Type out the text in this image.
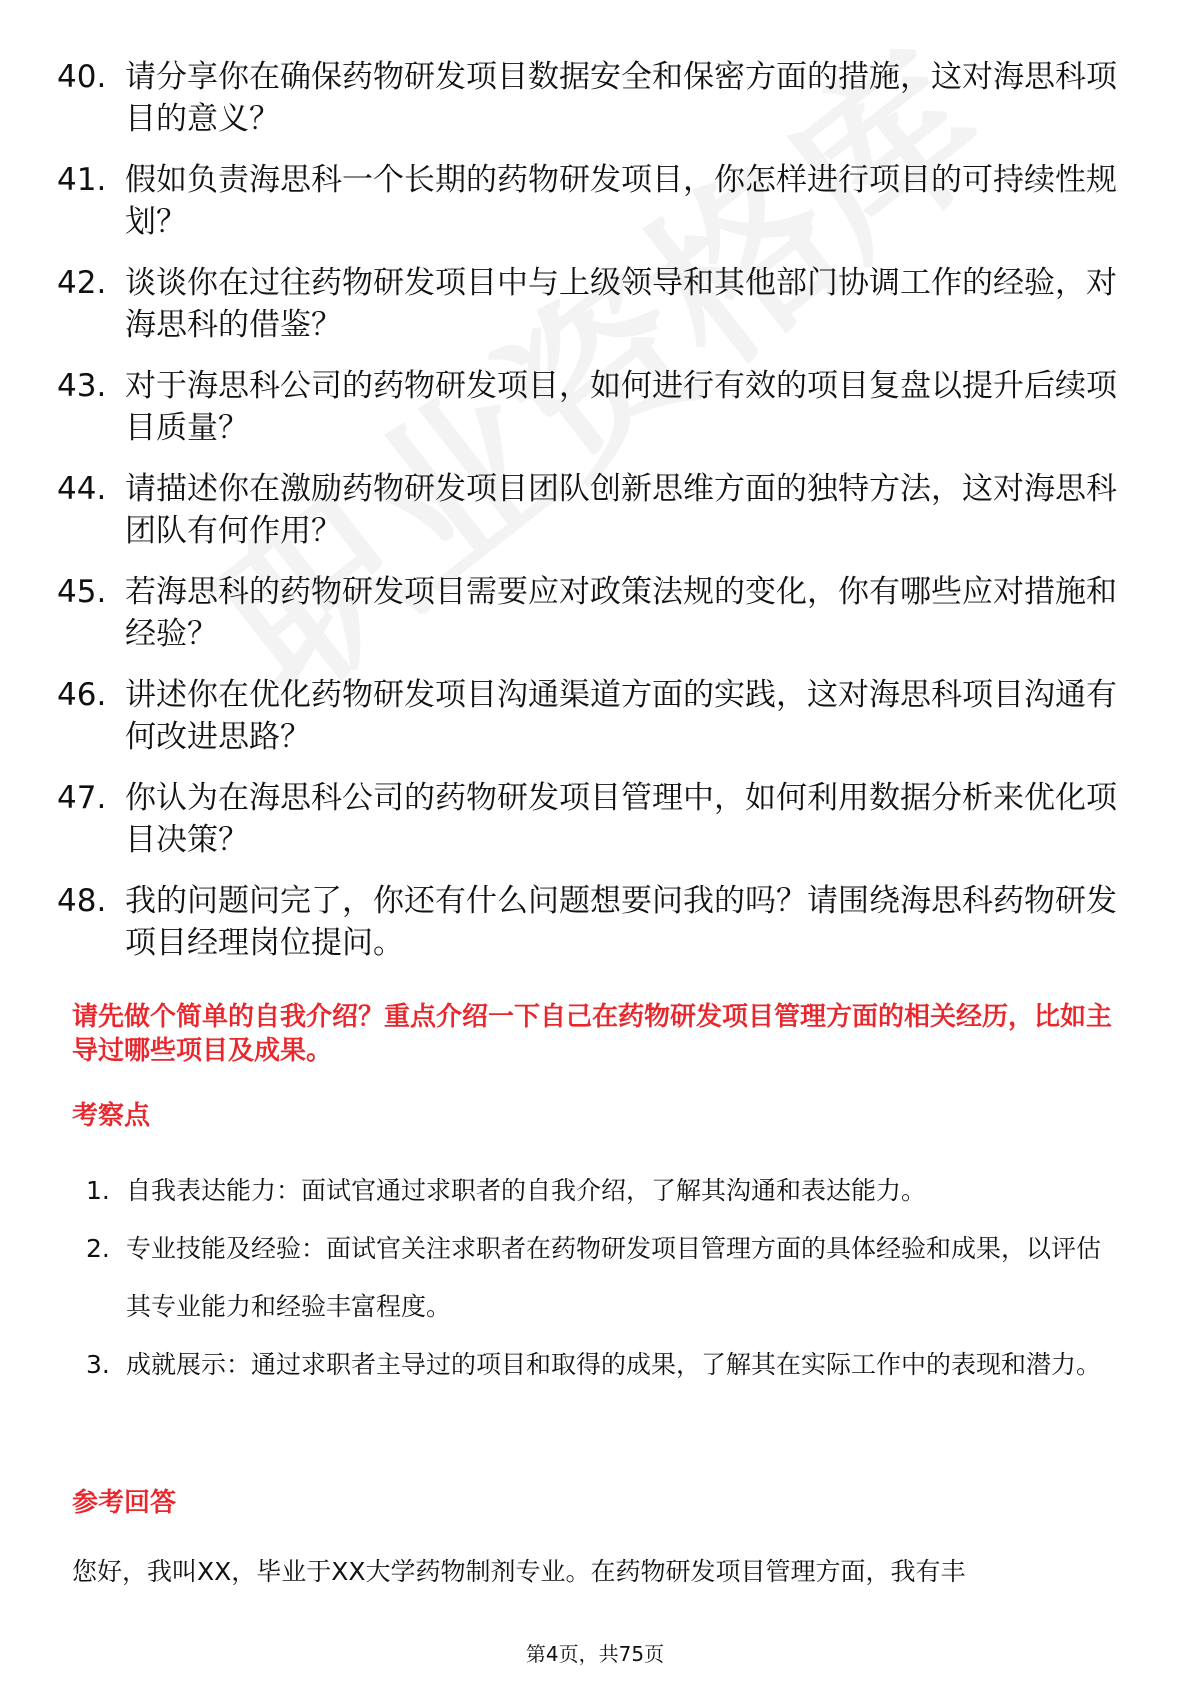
40. 请分享你在确保药物研发项目数据安全和保密方面的措施，这对海思科项目的意义？
41. 假如负责海思科一个长期的药物研发项目，你怎样进行项目的可持续性规划？
42. 谈谈你在过往药物研发项目中与上级领导和其他部门协调工作的经验，对海思科的借鉴？
43. 对于海思科公司的药物研发项目，如何进行有效的项目复盘以提升后续项目质量？
44. 请描述你在激励药物研发项目团队创新思维方面的独特方法，这对海思科团队有何作用？
45. 若海思科的药物研发项目需要应对政策法规的变化，你有哪些应对措施和经验？
46. 讲述你在优化药物研发项目沟通渠道方面的实践，这对海思科项目沟通有何改进思路？
47. 你认为在海思科公司的药物研发项目管理中，如何利用数据分析来优化项目决策？
48. 我的问题问完了，你还有什么问题想要问我的吗？请围绕海思科药物研发项目经理岗位提问。
请先做个简单的自我介绍？重点介绍一下自己在药物研发项目管理方面的相关经历，比如主导过哪些项目及成果。
考察点
1. 自我表达能力：面试官通过求职者的自我介绍，了解其沟通和表达能力。
2. 专业技能及经验：面试官关注求职者在药物研发项目管理方面的具体经验和成果，以评估其专业能力和经验丰富程度。
3. 成就展示：通过求职者主导过的项目和取得的成果，了解其在实际工作中的表现和潜力。
参考回答
您好，我叫XX，毕业于XX大学药物制剂专业。在药物研发项目管理方面，我有丰
第4页，共75页
